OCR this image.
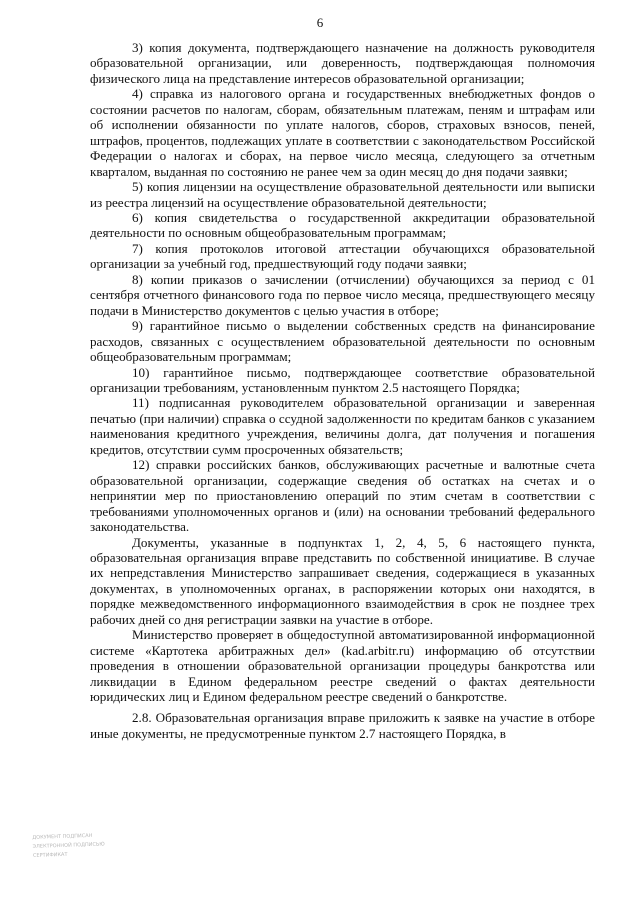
6

3) копия документа, подтверждающего назначение на должность руководителя образовательной организации, или доверенность, подтверждающая полномочия физического лица на представление интересов образовательной организации;

4) справка из налогового органа и государственных внебюджетных фондов о состоянии расчетов по налогам, сборам, обязательным платежам, пеням и штрафам или об исполнении обязанности по уплате налогов, сборов, страховых взносов, пеней, штрафов, процентов, подлежащих уплате в соответствии с законодательством Российской Федерации о налогах и сборах, на первое число месяца, следующего за отчетным кварталом, выданная по состоянию не ранее чем за один месяц до дня подачи заявки;

5) копия лицензии на осуществление образовательной деятельности или выписки из реестра лицензий на осуществление образовательной деятельности;

6) копия свидетельства о государственной аккредитации образовательной деятельности по основным общеобразовательным программам;

7) копия протоколов итоговой аттестации обучающихся образовательной организации за учебный год, предшествующий году подачи заявки;

8) копии приказов о зачислении (отчислении) обучающихся за период с 01 сентября отчетного финансового года по первое число месяца, предшествующего месяцу подачи в Министерство документов с целью участия в отборе;

9) гарантийное письмо о выделении собственных средств на финансирование расходов, связанных с осуществлением образовательной деятельности по основным общеобразовательным программам;

10) гарантийное письмо, подтверждающее соответствие образовательной организации требованиям, установленным пунктом 2.5 настоящего Порядка;

11) подписанная руководителем образовательной организации и заверенная печатью (при наличии) справка о ссудной задолженности по кредитам банков с указанием наименования кредитного учреждения, величины долга, дат получения и погашения кредитов, отсутствии сумм просроченных обязательств;

12) справки российских банков, обслуживающих расчетные и валютные счета образовательной организации, содержащие сведения об остатках на счетах и о непринятии мер по приостановлению операций по этим счетам в соответствии с требованиями уполномоченных органов и (или) на основании требований федерального законодательства.

Документы, указанные в подпунктах 1, 2, 4, 5, 6 настоящего пункта, образовательная организация вправе представить по собственной инициативе. В случае их непредставления Министерство запрашивает сведения, содержащиеся в указанных документах, в уполномоченных органах, в распоряжении которых они находятся, в порядке межведомственного информационного взаимодействия в срок не позднее трех рабочих дней со дня регистрации заявки на участие в отборе.

Министерство проверяет в общедоступной автоматизированной информационной системе «Картотека арбитражных дел» (kad.arbitr.ru) информацию об отсутствии проведения в отношении образовательной организации процедуры банкротства или ликвидации в Едином федеральном реестре сведений о фактах деятельности юридических лиц и Едином федеральном реестре сведений о банкротстве.

2.8. Образовательная организация вправе приложить к заявке на участие в отборе иные документы, не предусмотренные пунктом 2.7 настоящего Порядка, в

ДОКУМЕНТ ПОДПИСАН
ЭЛЕКТРОННОЙ ПОДПИСЬЮ
СЕРТИФИКАТ
